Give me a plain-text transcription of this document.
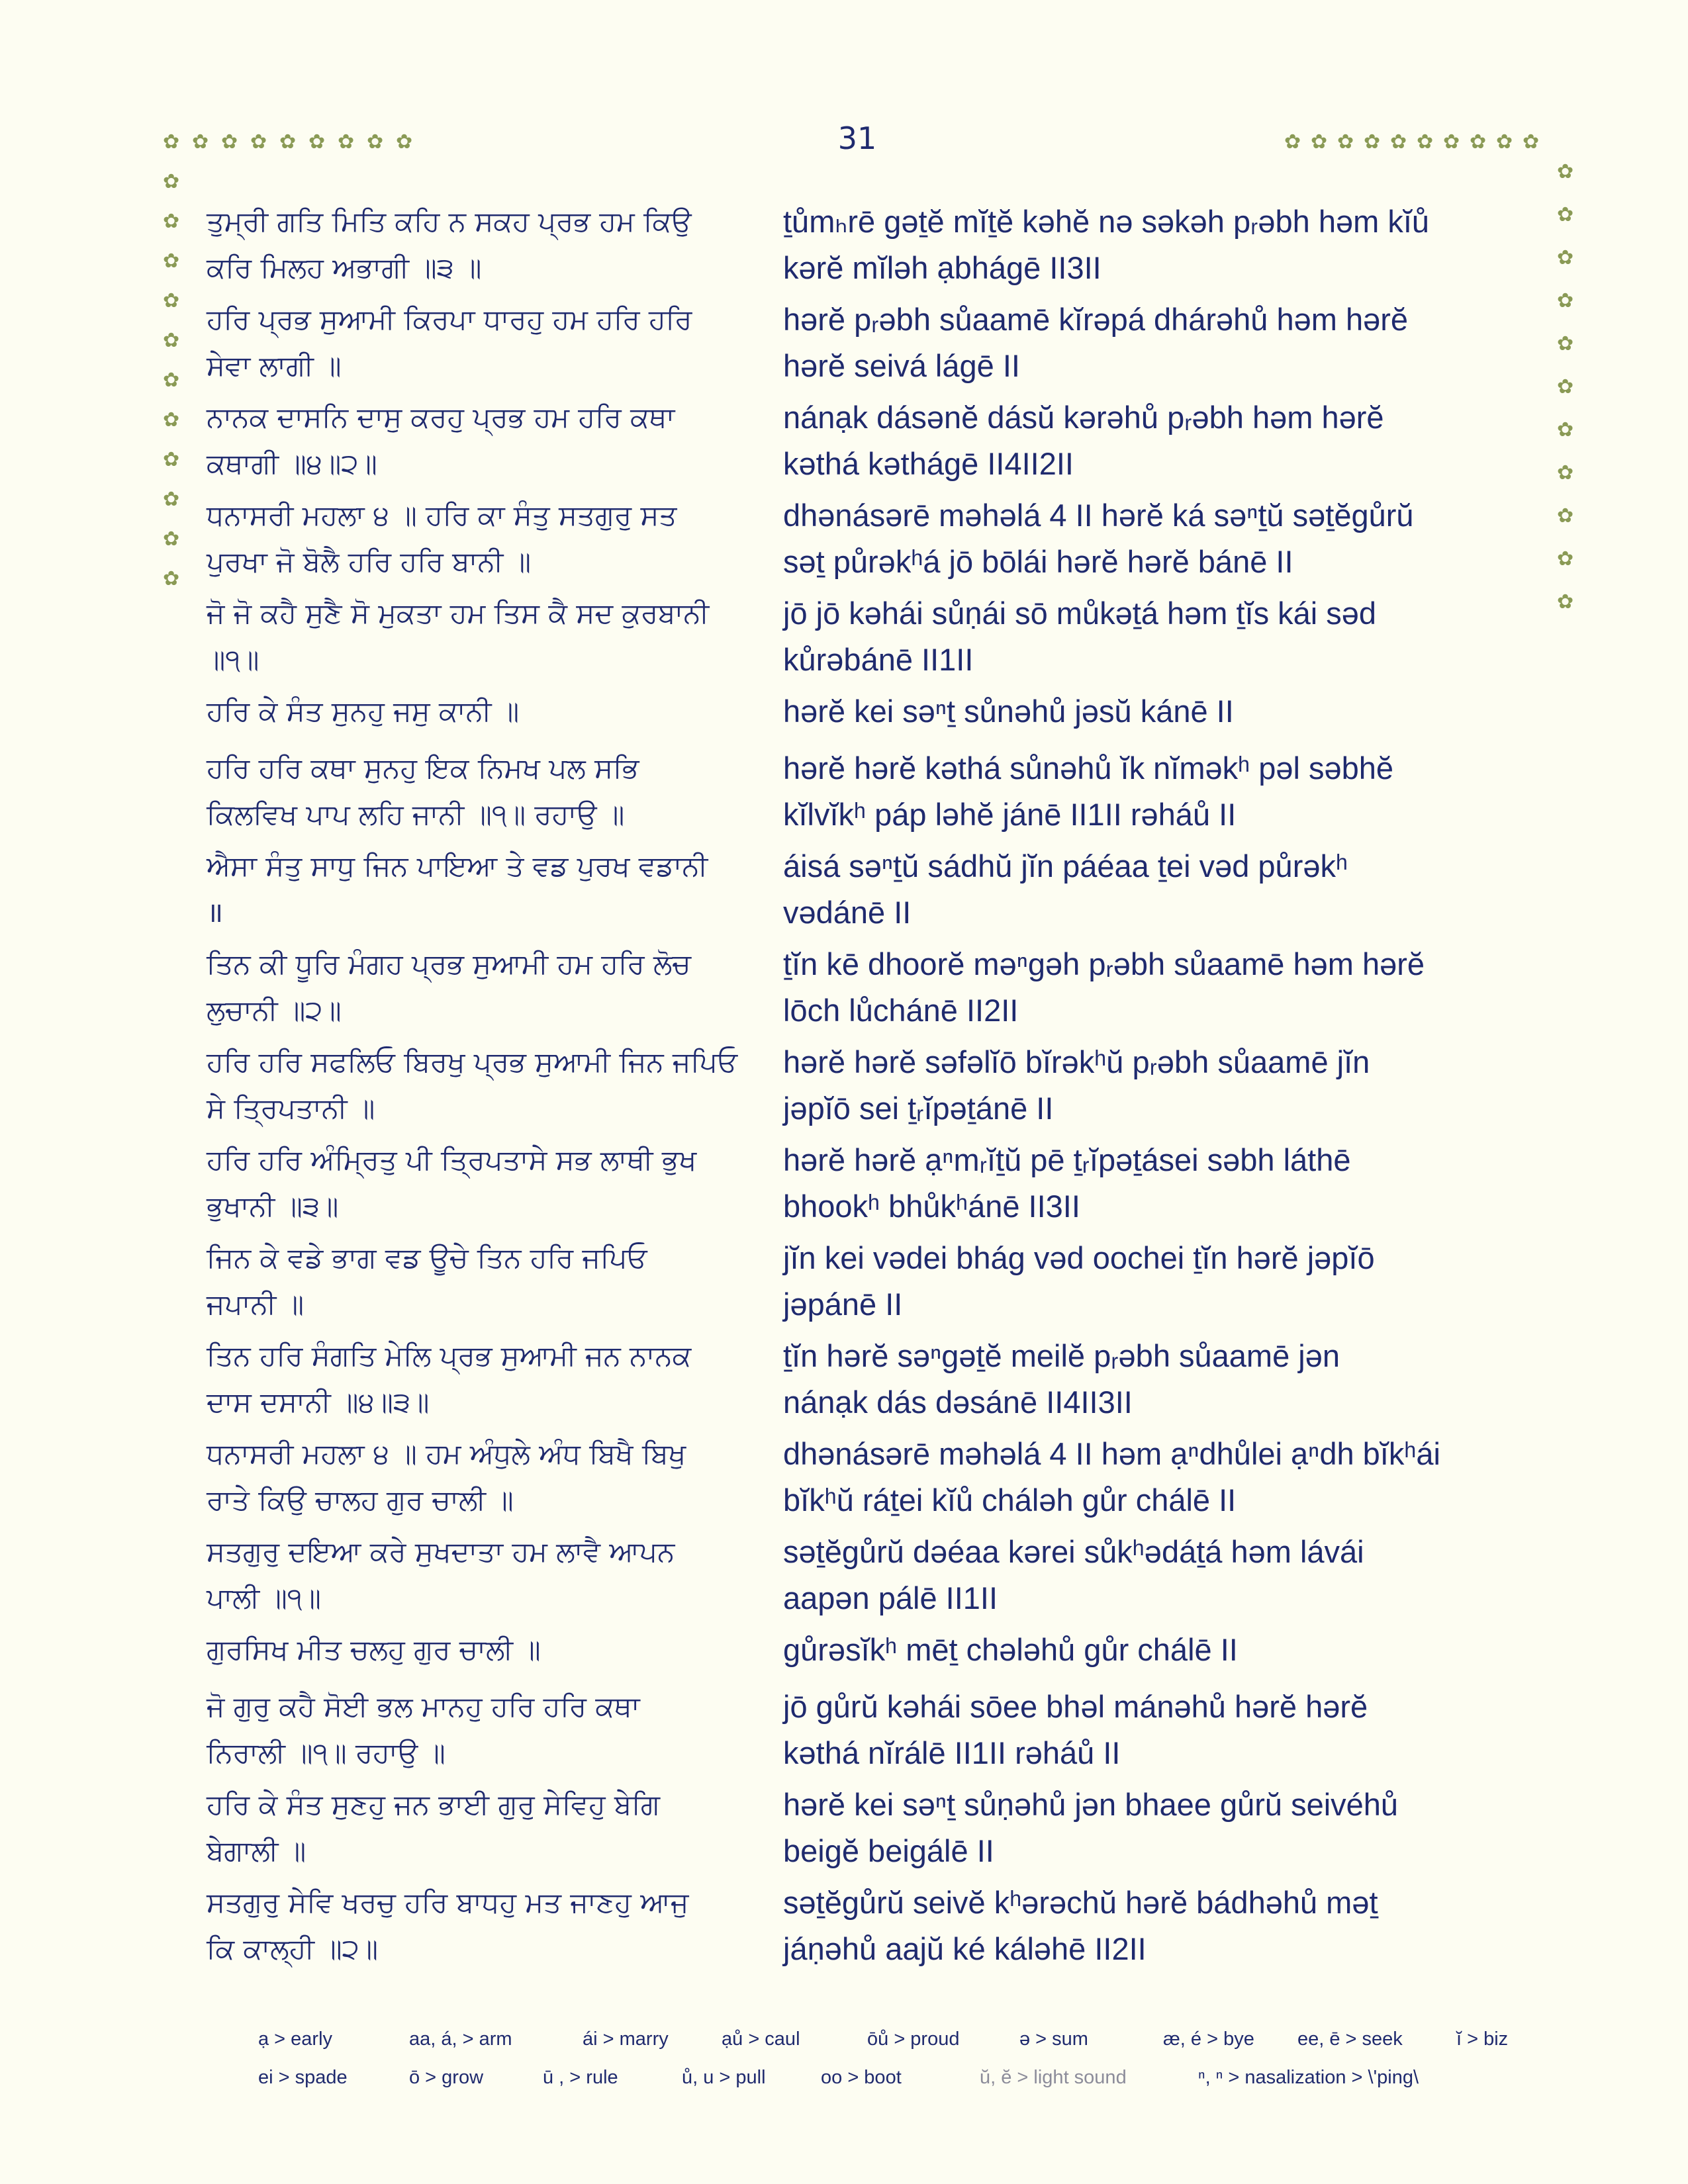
✿ ✿ ✿ ✿ ✿ ✿ ✿ ✿ ✿	✿ ✿ ✿ ✿ ✿ ✿ ✿ ✿ ✿ ✿
✿
✿
✿
✿
✿
✿
✿
✿
✿
✿
✿
✿
✿
✿
✿
✿
✿
✿
✿
✿
✿
✿
31
ਤੁਮ੍ਰੀ ਗਤਿ ਮਿਤਿ ਕਹਿ ਨ ਸਕਹ ਪ੍ਰਭ ਹਮ ਕਿਉ
ਕਰਿ ਮਿਲਹ ਅਭਾਗੀ ॥੩ ॥
ṯůmₕrē gəṯĕ mĭṯĕ kəhĕ nə səkəh pᵣəbh həm kĭů
kərĕ mĭləh ạbhágē II3II
ਹਰਿ ਪ੍ਰਭ ਸੁਆਮੀ ਕਿਰਪਾ ਧਾਰਹੁ ਹਮ ਹਰਿ ਹਰਿ
ਸੇਵਾ ਲਾਗੀ ॥
hərĕ pᵣəbh sůaamē kĭrəpá dhárəhů həm hərĕ
hərĕ seivá lágē II
ਨਾਨਕ ਦਾਸਨਿ ਦਾਸੁ ਕਰਹੁ ਪ੍ਰਭ ਹਮ ਹਰਿ ਕਥਾ
ਕਥਾਗੀ ॥੪॥੨॥
nánạk dásənĕ dásŭ kərəhů pᵣəbh həm hərĕ
kəthá kəthágē II4II2II
ਧਨਾਸਰੀ ਮਹਲਾ ੪ ॥ ਹਰਿ ਕਾ ਸੰਤੁ ਸਤਗੁਰੁ ਸਤ
ਪੁਰਖਾ ਜੋ ਬੋਲੈ ਹਰਿ ਹਰਿ ਬਾਨੀ ॥
dhənásərē məhəlá 4 II hərĕ ká səⁿṯŭ səṯĕgůrŭ
səṯ půrəkʰá jō bōlái hərĕ hərĕ bánē II
ਜੋ ਜੋ ਕਹੈ ਸੁਣੈ ਸੋ ਮੁਕਤਾ ਹਮ ਤਿਸ ਕੈ ਸਦ ਕੁਰਬਾਨੀ
॥੧॥
jō jō kəhái sůṇái sō můkəṯá həm ṯĭs kái səd
kůrəbánē II1II
ਹਰਿ ਕੇ ਸੰਤ ਸੁਨਹੁ ਜਸੁ ਕਾਨੀ ॥	hərĕ kei səⁿṯ sůnəhů jəsŭ kánē II
ਹਰਿ ਹਰਿ ਕਥਾ ਸੁਨਹੁ ਇਕ ਨਿਮਖ ਪਲ ਸਭਿ
ਕਿਲਵਿਖ ਪਾਪ ਲਹਿ ਜਾਨੀ ॥੧॥ ਰਹਾਉ ॥
hərĕ hərĕ kəthá sůnəhů ĭk nĭməkʰ pəl səbhĕ
kĭlvĭkʰ páp ləhĕ jánē II1II rəháů II
ਐਸਾ ਸੰਤੁ ਸਾਧੁ ਜਿਨ ਪਾਇਆ ਤੇ ਵਡ ਪੁਰਖ ਵਡਾਨੀ
॥
áisá səⁿṯŭ sádhŭ jĭn páéaa ṯei vəd půrəkʰ
vədánē II
ਤਿਨ ਕੀ ਧੂਰਿ ਮੰਗਹ ਪ੍ਰਭ ਸੁਆਮੀ ਹਮ ਹਰਿ ਲੋਚ
ਲੁਚਾਨੀ ॥੨॥
ṯĭn kē dhoorĕ məⁿgəh pᵣəbh sůaamē həm hərĕ
lōch lůchánē II2II
ਹਰਿ ਹਰਿ ਸਫਲਿਓ ਬਿਰਖੁ ਪ੍ਰਭ ਸੁਆਮੀ ਜਿਨ ਜਪਿਓ
ਸੇ ਤ੍ਰਿਪਤਾਨੀ ॥
hərĕ hərĕ səfəlĭō bĭrəkʰŭ pᵣəbh sůaamē jĭn
jəpĭō sei ṯᵣĭpəṯánē II
ਹਰਿ ਹਰਿ ਅੰਮ੍ਰਿਤੁ ਪੀ ਤ੍ਰਿਪਤਾਸੇ ਸਭ ਲਾਥੀ ਭੁਖ
ਭੁਖਾਨੀ ॥੩॥
hərĕ hərĕ ạⁿmᵣĭṯŭ pē ṯᵣĭpəṯásei səbh láthē
bhookʰ bhůkʰánē II3II
ਜਿਨ ਕੇ ਵਡੇ ਭਾਗ ਵਡ ਊਚੇ ਤਿਨ ਹਰਿ ਜਪਿਓ
ਜਪਾਨੀ ॥
jĭn kei vədei bhág vəd oochei ṯĭn hərĕ jəpĭō
jəpánē II
ਤਿਨ ਹਰਿ ਸੰਗਤਿ ਮੇਲਿ ਪ੍ਰਭ ਸੁਆਮੀ ਜਨ ਨਾਨਕ
ਦਾਸ ਦਸਾਨੀ ॥੪॥੩॥
ṯĭn hərĕ səⁿgəṯĕ meilĕ pᵣəbh sůaamē jən
nánạk dás dəsánē II4II3II
ਧਨਾਸਰੀ ਮਹਲਾ ੪ ॥ ਹਮ ਅੰਧੁਲੇ ਅੰਧ ਬਿਖੈ ਬਿਖੁ
ਰਾਤੇ ਕਿਉ ਚਾਲਹ ਗੁਰ ਚਾਲੀ ॥
dhənásərē məhəlá 4 II həm ạⁿdhůlei ạⁿdh bĭkʰái
bĭkʰŭ ráṯei kĭů cháləh gůr chálē II
ਸਤਗੁਰੁ ਦਇਆ ਕਰੇ ਸੁਖਦਾਤਾ ਹਮ ਲਾਵੈ ਆਪਨ
ਪਾਲੀ ॥੧॥
səṯĕgůrŭ dəéaa kərei sůkʰədáṯá həm lávái
aapən pálē II1II
ਗੁਰਸਿਖ ਮੀਤ ਚਲਹੁ ਗੁਰ ਚਾਲੀ ॥	gůrəsĭkʰ mēṯ chələhů gůr chálē II
ਜੋ ਗੁਰੁ ਕਹੈ ਸੋਈ ਭਲ ਮਾਨਹੁ ਹਰਿ ਹਰਿ ਕਥਾ
ਨਿਰਾਲੀ ॥੧॥ ਰਹਾਉ ॥
jō gůrŭ kəhái sōee bhəl mánəhů hərĕ hərĕ
kəthá nĭrálē II1II rəháů II
ਹਰਿ ਕੇ ਸੰਤ ਸੁਣਹੁ ਜਨ ਭਾਈ ਗੁਰੁ ਸੇਵਿਹੁ ਬੇਗਿ
ਬੇਗਾਲੀ ॥
hərĕ kei səⁿṯ sůṇəhů jən bhaee gůrŭ seivéhů
beigĕ beigálē II
ਸਤਗੁਰੁ ਸੇਵਿ ਖਰਚੁ ਹਰਿ ਬਾਧਹੁ ਮਤ ਜਾਣਹੁ ਆਜੁ
ਕਿ ਕਾਲ੍ਹੀ ॥੨॥
səṯĕgůrŭ seivĕ kʰərəchŭ hərĕ bádhəhů məṯ
jáṇəhů aajŭ ké káləhē II2II
ạ > early	aa, á, > arm	ái > marry	ạů > caul	ōů > proud	ə > sum	æ, é > bye ee, ē > seek	ĭ > biz
ei > spade	ō > grow	ū , > rule	ů, u > pull	oo > boot	ŭ, ĕ > light sound	ⁿ, ⁿ > nasalization > \'ping\
